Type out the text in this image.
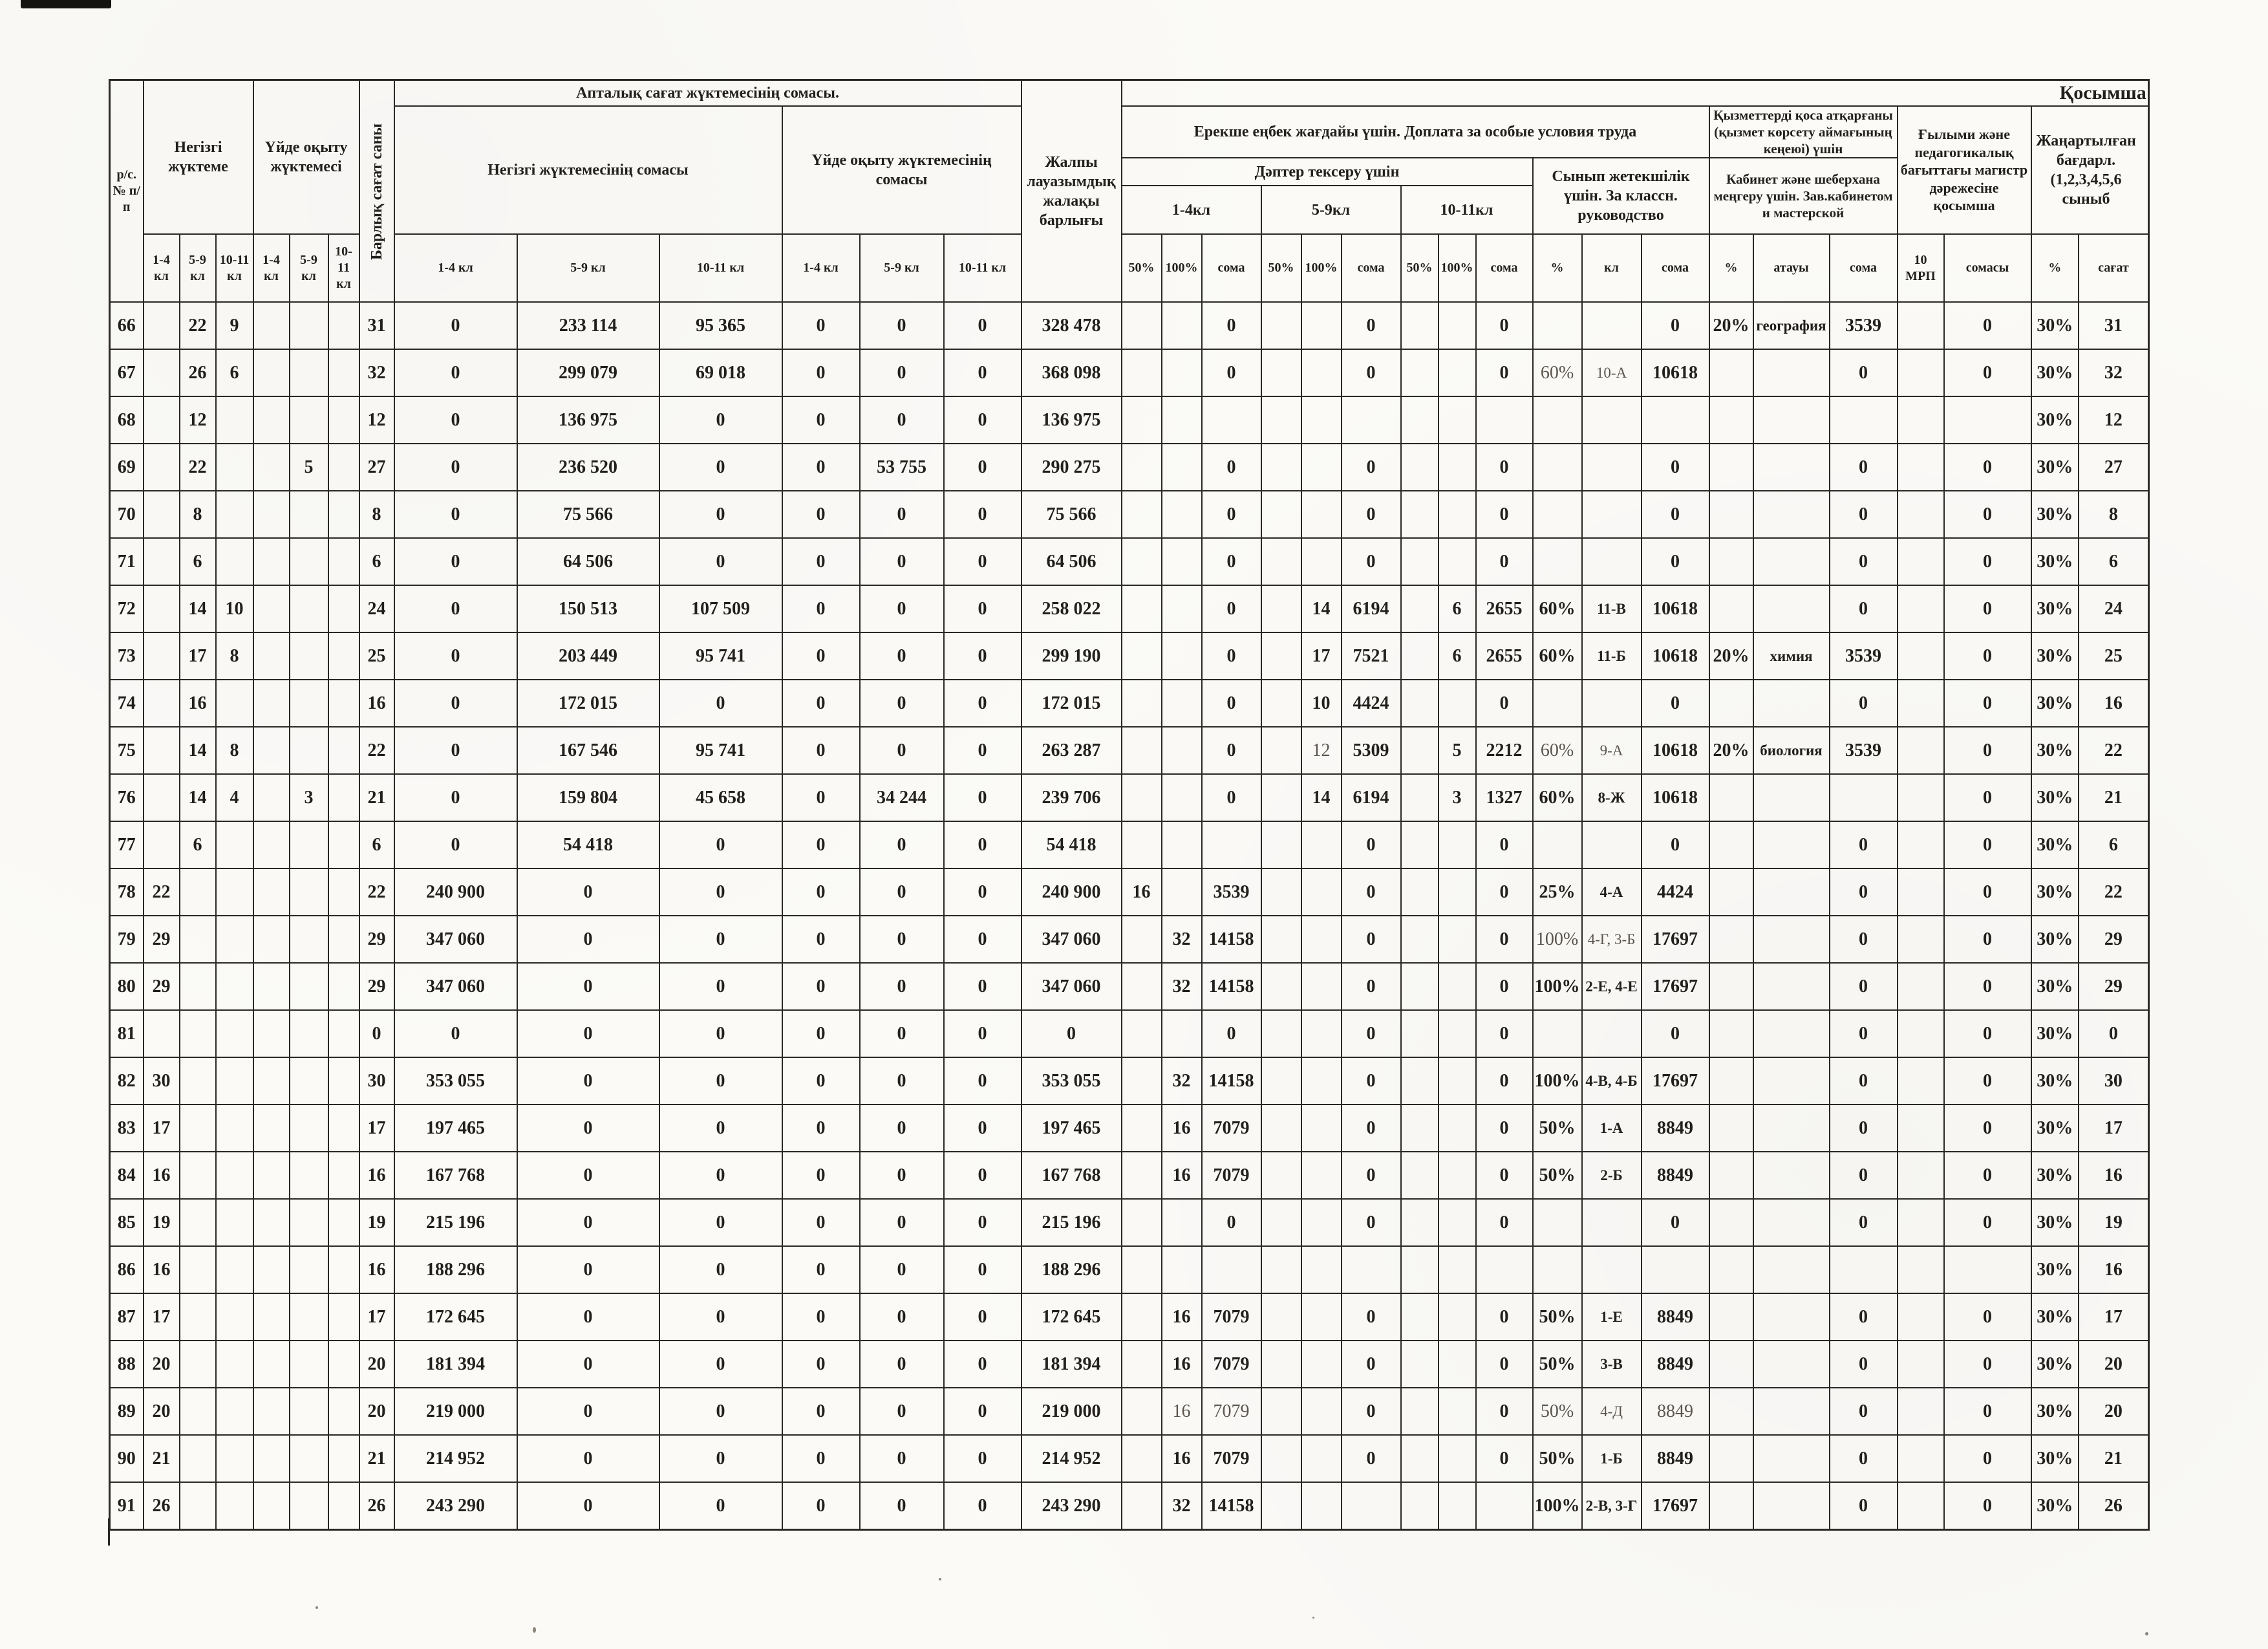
р/с.№ п/п	Негізгі жүктеме			Үйде оқыту жүктемесі			Барлық сағат саны	Апталық сағат жүктемесінің сомасы.						Жалпы лауазымдық жалақы барлығы																		Қосымша	
								Негізгі жүктемесінің сомасы			Үйде оқыту жүктемесінің сомасы				Ерекше еңбек жағдайы үшін. Доплата за особые условия труда												Қызметтерді қоса атқарғаны (қызмет көрсету аймағының кеңеюі) үшін			Ғылыми және педагогикалық бағыттағы магистр дәрежесіне қосымша		Жаңартылған бағдарл. (1,2,3,4,5,6 сыныб	

															Дәптер тексеру үшін									Сынып жетекшілік үшін. За классн. руководство			Кабинет және шеберхана меңгеру үшін. Зав.кабинетом и мастерской						
															1-4кл			5-9кл			10-11кл												
	1-4 кл	5-9 кл	10-11 кл	1-4 кл	5-9 кл	10-11 кл		1-4 кл	5-9 кл	10-11 кл	1-4 кл	5-9 кл	10-11 кл		50%	100%	сома	50%	100%	сома	50%	100%	сома	%	кл	сома	%	атауы	сома	10 МРП	сомасы	%	сағат
66		22	9				31	0	233 114	95 365	0	0	0	328 478			0			0			0			0	20%	география	3539		0	30%	31
67		26	6				32	0	299 079	69 018	0	0	0	368 098			0			0			0	60%	10-А	10618			0		0	30%	32
68		12					12	0	136 975	0	0	0	0	136 975																		30%	12
69		22			5		27	0	236 520	0	0	53 755	0	290 275			0			0			0			0			0		0	30%	27
70		8					8	0	75 566	0	0	0	0	75 566			0			0			0			0			0		0	30%	8
71		6					6	0	64 506	0	0	0	0	64 506			0			0			0			0			0		0	30%	6
72		14	10				24	0	150 513	107 509	0	0	0	258 022			0		14	6194		6	2655	60%	11-В	10618			0		0	30%	24
73		17	8				25	0	203 449	95 741	0	0	0	299 190			0		17	7521		6	2655	60%	11-Б	10618	20%	химия	3539		0	30%	25
74		16					16	0	172 015	0	0	0	0	172 015			0		10	4424			0			0			0		0	30%	16
75		14	8				22	0	167 546	95 741	0	0	0	263 287			0		12	5309		5	2212	60%	9-А	10618	20%	биология	3539		0	30%	22
76		14	4		3		21	0	159 804	45 658	0	34 244	0	239 706			0		14	6194		3	1327	60%	8-Ж	10618					0	30%	21
77		6					6	0	54 418	0	0	0	0	54 418						0			0			0			0		0	30%	6
78	22						22	240 900	0	0	0	0	0	240 900	16		3539			0			0	25%	4-А	4424			0		0	30%	22
79	29						29	347 060	0	0	0	0	0	347 060		32	14158			0			0	100%	4-Г, 3-Б	17697			0		0	30%	29
80	29						29	347 060	0	0	0	0	0	347 060		32	14158			0			0	100%	2-Е, 4-Е	17697			0		0	30%	29
81							0	0	0	0	0	0	0	0			0			0			0			0			0		0	30%	0
82	30						30	353 055	0	0	0	0	0	353 055		32	14158			0			0	100%	4-В, 4-Б	17697			0		0	30%	30
83	17						17	197 465	0	0	0	0	0	197 465		16	7079			0			0	50%	1-А	8849			0		0	30%	17
84	16						16	167 768	0	0	0	0	0	167 768		16	7079			0			0	50%	2-Б	8849			0		0	30%	16
85	19						19	215 196	0	0	0	0	0	215 196			0			0			0			0			0		0	30%	19
86	16						16	188 296	0	0	0	0	0	188 296																		30%	16
87	17						17	172 645	0	0	0	0	0	172 645		16	7079			0			0	50%	1-Е	8849			0		0	30%	17
88	20						20	181 394	0	0	0	0	0	181 394		16	7079			0			0	50%	3-В	8849			0		0	30%	20
89	20						20	219 000	0	0	0	0	0	219 000		16	7079			0			0	50%	4-Д	8849			0		0	30%	20
90	21						21	214 952	0	0	0	0	0	214 952		16	7079			0			0	50%	1-Б	8849			0		0	30%	21
91	26						26	243 290	0	0	0	0	0	243 290		32	14158							100%	2-В, 3-Г	17697			0		0	30%	26
